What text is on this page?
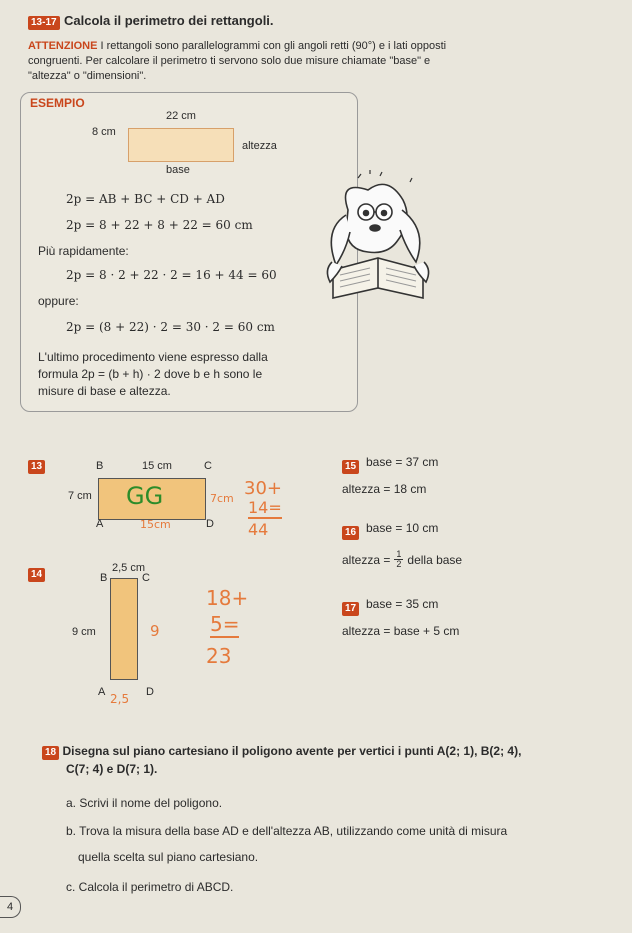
13-17 Calcola il perimetro dei rettangoli.
ATTENZIONE I rettangoli sono parallelogrammi con gli angoli retti (90°) e i lati opposti
congruenti. Per calcolare il perimetro ti servono solo due misure chiamate "base" e
"altezza" o "dimensioni".
ESEMPIO
22 cm
8 cm
altezza
base
2p = AB + BC + CD + AD
2p = 8 + 22 + 8 + 22 = 60 cm
Più rapidamente:
2p = 8 · 2 + 22 · 2 = 16 + 44 = 60
oppure:
2p = (8 + 22) · 2 = 30 · 2 = 60 cm
L'ultimo procedimento viene espresso dalla
formula 2p = (b + h) · 2 dove b e h sono le
misure di base e altezza.
13	B	15 cm	C
7 cm GG	7cm
A	15cm	D
30+
14=
44
14
2,5 cm
B	C
9 cm	9
A	D
2,5
18+
5=
23
15 base = 37 cm
altezza = 18 cm
16 base = 10 cm
altezza = $\frac{1}{2}$ della base
17 base = 35 cm
altezza = base + 5 cm
18 Disegna sul piano cartesiano il poligono avente per vertici i punti A(2; 1), B(2; 4),
C(7; 4) e D(7; 1).
a. Scrivi il nome del poligono.
b. Trova la misura della base AD e dell'altezza AB, utilizzando come unità di misura
quella scelta sul piano cartesiano.
c. Calcola il perimetro di ABCD.
4
